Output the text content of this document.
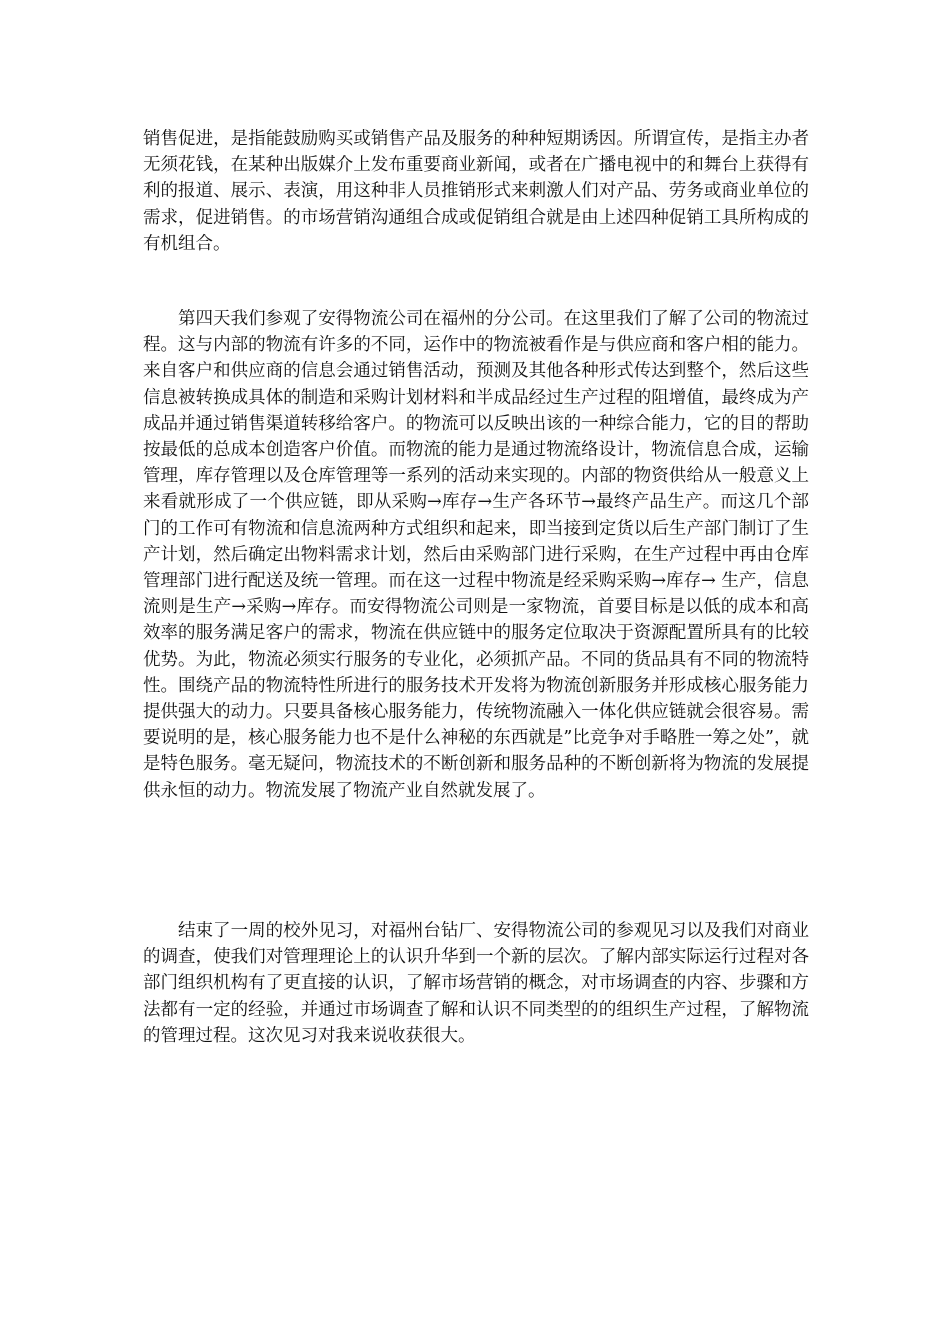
销售促进，是指能鼓励购买或销售产品及服务的种种短期诱因。所谓宣传，是指主办者无须花钱，在某种出版媒介上发布重要商业新闻，或者在广播电视中的和舞台上获得有利的报道、展示、表演，用这种非人员推销形式来刺激人们对产品、劳务或商业单位的需求，促进销售。的市场营销沟通组合成或促销组合就是由上述四种促销工具所构成的有机组合。

第四天我们参观了安得物流公司在福州的分公司。在这里我们了解了公司的物流过程。这与内部的物流有许多的不同，运作中的物流被看作是与供应商和客户相的能力。来自客户和供应商的信息会通过销售活动，预测及其他各种形式传达到整个，然后这些信息被转换成具体的制造和采购计划材料和半成品经过生产过程的阻增值，最终成为产成品并通过销售渠道转移给客户。的物流可以反映出该的一种综合能力，它的目的帮助按最低的总成本创造客户价值。而物流的能力是通过物流络设计，物流信息合成，运输管理，库存管理以及仓库管理等一系列的活动来实现的。内部的物资供给从一般意义上来看就形成了一个供应链，即从采购→库存→生产各环节→最终产品生产。而这几个部门的工作可有物流和信息流两种方式组织和起来，即当接到定货以后生产部门制订了生产计划，然后确定出物料需求计划，然后由采购部门进行采购，在生产过程中再由仓库管理部门进行配送及统一管理。而在这一过程中物流是经采购采购→库存→ 生产，信息流则是生产→采购→库存。而安得物流公司则是一家物流，首要目标是以低的成本和高效率的服务满足客户的需求，物流在供应链中的服务定位取决于资源配置所具有的比较优势。为此，物流必须实行服务的专业化，必须抓产品。不同的货品具有不同的物流特性。围绕产品的物流特性所进行的服务技术开发将为物流创新服务并形成核心服务能力提供强大的动力。只要具备核心服务能力，传统物流融入一体化供应链就会很容易。需要说明的是，核心服务能力也不是什么神秘的东西就是”比竞争对手略胜一筹之处”，就是特色服务。毫无疑问，物流技术的不断创新和服务品种的不断创新将为物流的发展提供永恒的动力。物流发展了物流产业自然就发展了。

结束了一周的校外见习，对福州台钻厂、安得物流公司的参观见习以及我们对商业的调查，使我们对管理理论上的认识升华到一个新的层次。了解内部实际运行过程对各部门组织机构有了更直接的认识，了解市场营销的概念，对市场调查的内容、步骤和方法都有一定的经验，并通过市场调查了解和认识不同类型的的组织生产过程，了解物流的管理过程。这次见习对我来说收获很大。
